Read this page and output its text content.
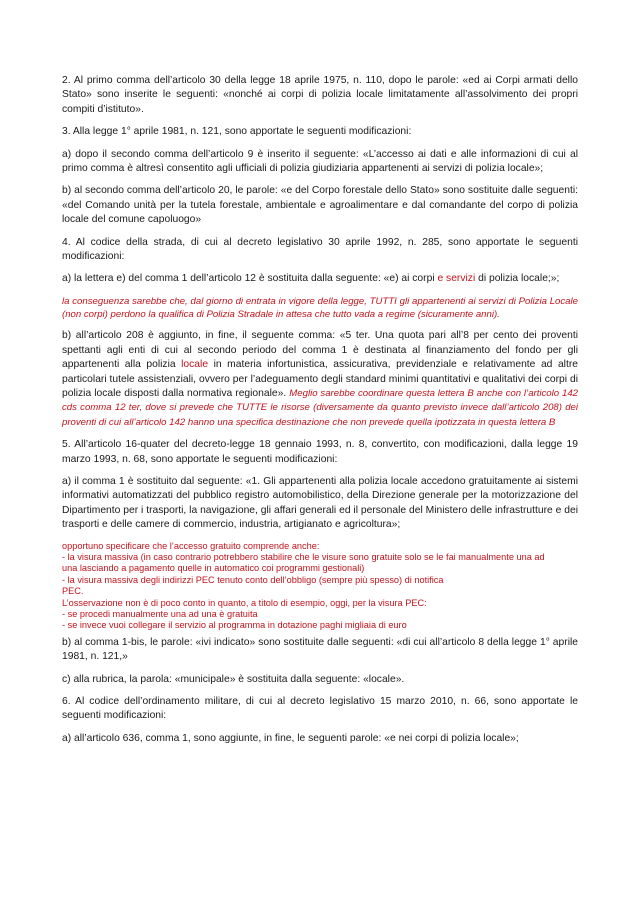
2. Al primo comma dell’articolo 30 della legge 18 aprile 1975, n. 110, dopo le parole: «ed ai Corpi armati dello Stato» sono inserite le seguenti: «nonché ai corpi di polizia locale limitatamente all’assolvimento dei propri compiti d’istituto».

3. Alla legge 1° aprile 1981, n. 121, sono apportate le seguenti modificazioni:

a) dopo il secondo comma dell’articolo 9 è inserito il seguente: «L’accesso ai dati e alle informazioni di cui al primo comma è altresì consentito agli ufficiali di polizia giudiziaria appartenenti ai servizi di polizia locale»;

b) al secondo comma dell’articolo 20, le parole: «e del Corpo forestale dello Stato» sono sostituite dalle seguenti: «del Comando unità per la tutela forestale, ambientale e agroalimentare e dal comandante del corpo di polizia locale del comune capoluogo»

4. Al codice della strada, di cui al decreto legislativo 30 aprile 1992, n. 285, sono apportate le seguenti modificazioni:

a) la lettera e) del comma 1 dell’articolo 12 è sostituita dalla seguente: «e) ai corpi e servizi di polizia locale;»;

la conseguenza sarebbe che, dal giorno di entrata in vigore della legge, TUTTI gli appartenenti ai servizi di Polizia Locale (non corpi) perdono la qualifica di Polizia Stradale in attesa che tutto vada a regime (sicuramente anni).

b) all’articolo 208 è aggiunto, in fine, il seguente comma: «5 ter. Una quota pari all’8 per cento dei proventi spettanti agli enti di cui al secondo periodo del comma 1 è destinata al finanziamento del fondo per gli appartenenti alla polizia locale in materia infortunistica, assicurativa, previdenziale e relativamente ad altre particolari tutele assistenziali, ovvero per l’adeguamento degli standard minimi quantitativi e qualitativi dei corpi di polizia locale disposti dalla normativa regionale». Meglio sarebbe coordinare questa lettera B anche con l’articolo 142 cds comma 12 ter, dove si prevede che TUTTE le risorse (diversamente da quanto previsto invece dall’articolo 208) dei proventi di cui all’articolo 142 hanno una specifica destinazione che non prevede quella ipotizzata in questa lettera B

5. All’articolo 16-quater del decreto-legge 18 gennaio 1993, n. 8, convertito, con modificazioni, dalla legge 19 marzo 1993, n. 68, sono apportate le seguenti modificazioni:

a) il comma 1 è sostituito dal seguente: «1. Gli appartenenti alla polizia locale accedono gratuitamente ai sistemi informativi automatizzati del pubblico registro automobilistico, della Direzione generale per la motorizzazione del Dipartimento per i trasporti, la navigazione, gli affari generali ed il personale del Ministero delle infrastrutture e dei trasporti e delle camere di commercio, industria, artigianato e agricoltura»;

opportuno specificare che l’accesso gratuito comprende anche:
- la visura massiva (in caso contrario potrebbero stabilire che le visure sono gratuite solo se le fai manualmente una ad
una lasciando a pagamento quelle in automatico coi programmi gestionali)
- la visura massiva degli indirizzi PEC tenuto conto dell’obbligo (sempre più spesso) di notifica
PEC.
L’osservazione non è di poco conto in quanto, a titolo di esempio, oggi, per la visura PEC:
- se procedi manualmente una ad una è gratuita
- se invece vuoi collegare il servizio al programma in dotazione paghi migliaia di euro

b) al comma 1-bis, le parole: «ivi indicato» sono sostituite dalle seguenti: «di cui all’articolo 8 della legge 1° aprile 1981, n. 121,»

c) alla rubrica, la parola: «municipale» è sostituita dalla seguente: «locale».

6. Al codice dell’ordinamento militare, di cui al decreto legislativo 15 marzo 2010, n. 66, sono apportate le seguenti modificazioni:

a) all’articolo 636, comma 1, sono aggiunte, in fine, le seguenti parole: «e nei corpi di polizia locale»;
